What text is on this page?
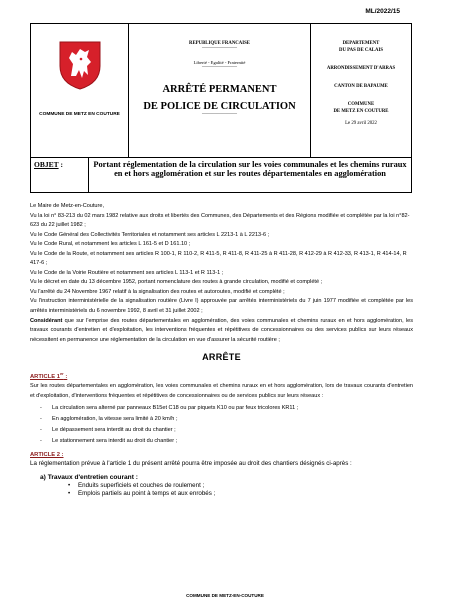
ML/2022/15
COMMUNE DE METZ EN COUTURE
REPUBLIQUE FRANCAISE
———————
Liberté - Egalité - Fraternité
———————
ARRÊTÉ PERMANENT
DE POLICE DE CIRCULATION
———————
DEPARTEMENT
DU PAS DE CALAIS
ARRONDISSEMENT D'ARRAS
CANTON DE BAPAUME
COMMUNE
DE METZ EN COUTURE
Le 29 avril 2022
OBJET :	Portant réglementation de la circulation sur les voies communales et les chemins ruraux en et hors agglomération et sur les routes départementales en agglomération

Le Maire de Metz-en-Couture,

Vu la loi n° 83-213 du 02 mars 1982 relative aux droits et libertés des Communes, des Départements et des Régions modifiée et complétée par la loi n°82-623 du 22 juillet 1982 ;

Vu le Code Général des Collectivités Territoriales et notamment ses articles L 2213-1 à L 2213-6 ;

Vu le Code Rural, et notamment les articles L 161-5 et D 161.10 ;

Vu le Code de la Route, et notamment ses articles R 100-1, R 110-2, R 411-5, R 411-8, R 411-25 à R 411-28, R 412-29 à R 412-33, R 413-1, R 414-14, R 417-6 ;

Vu le Code de la Voirie Routière et notamment ses articles L 113-1 et R 113-1 ;

Vu le décret en date du 13 décembre 1952, portant nomenclature des routes à grande circulation, modifié et complété ;

Vu l'arrêté du 24 Novembre 1967 relatif à la signalisation des routes et autoroutes, modifié et complété ;

Vu l'instruction interministérielle de la signalisation routière (Livre I) approuvée par arrêtés interministériels du 7 juin 1977 modifiée et complétée par les arrêtés interministériels du 6 novembre 1992, 8 avril et 31 juillet 2002 ;

Considérant que sur l'emprise des routes départementales en agglomération, des voies communales et chemins ruraux en et hors agglomération, les travaux courants d'entretien et d'exploitation, les interventions fréquentes et répétitives de concessionnaires ou des services publics sur leurs réseaux nécessitent en permanence une réglementation de la circulation en vue d'assurer la sécurité routière ;

ARRÊTE

ARTICLE 1er :

Sur les routes départementales en agglomération, les voies communales et chemins ruraux en et hors agglomération, lors de travaux courants d'entretien et d'exploitation, d'interventions fréquentes et répétitives de concessionnaires ou de services publics sur leurs réseaux :

- La circulation sera alterné par panneaux B15et C18 ou par piquets K10 ou par feux tricolores KR11 ;
- En agglomération, la vitesse sera limité à 20 km/h ;
- Le dépassement sera interdit au droit du chantier ;
- Le stationnement sera interdit au droit du chantier ;

ARTICLE 2 :

La réglementation prévue à l'article 1 du présent arrêté pourra être imposée au droit des chantiers désignés ci-après :

a) Travaux d'entretien courant :
• Enduits superficiels et couches de roulement ;
• Emplois partiels au point à temps et aux enrobés ;
COMMUNE DE METZ-EN-COUTURE
